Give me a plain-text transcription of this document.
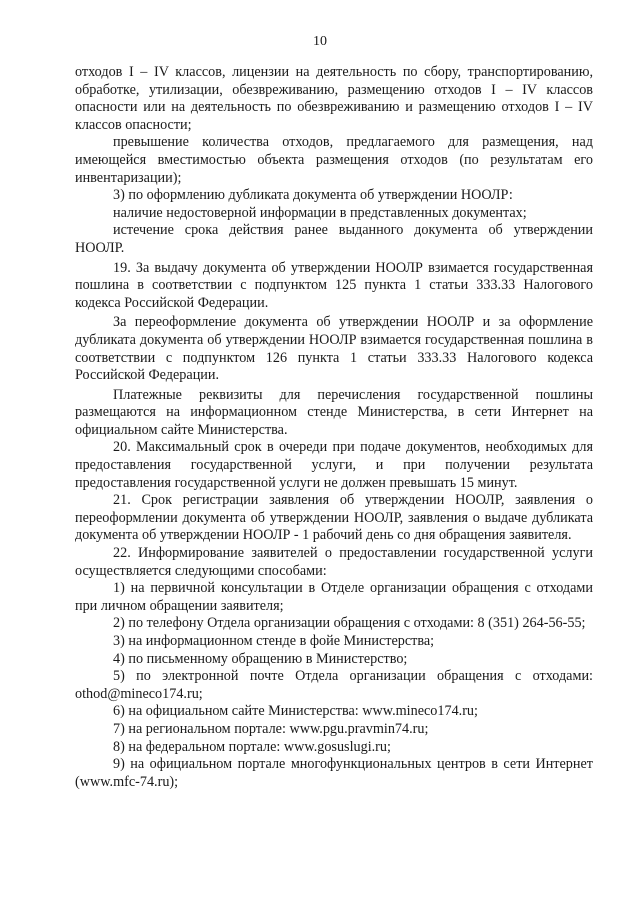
10

отходов I – IV классов, лицензии на деятельность по сбору, транспортированию, обработке, утилизации, обезвреживанию, размещению отходов I – IV классов опасности или на деятельность по обезвреживанию и размещению отходов I – IV классов опасности;

превышение количества отходов, предлагаемого для размещения, над имеющейся вместимостью объекта размещения отходов (по результатам его инвентаризации);

3) по оформлению дубликата документа об утверждении НООЛР:

наличие недостоверной информации в представленных документах;

истечение срока действия ранее выданного документа об утверждении НООЛР.

19. За выдачу документа об утверждении НООЛР взимается государственная пошлина в соответствии с подпунктом 125 пункта 1 статьи 333.33 Налогового кодекса Российской Федерации.

За переоформление документа об утверждении НООЛР и за оформление дубликата документа об утверждении НООЛР взимается государственная пошлина в соответствии с подпунктом 126 пункта 1 статьи 333.33 Налогового кодекса Российской Федерации.

Платежные реквизиты для перечисления государственной пошлины размещаются на информационном стенде Министерства, в сети Интернет на официальном сайте Министерства.

20. Максимальный срок в очереди при подаче документов, необходимых для предоставления государственной услуги, и при получении результата предоставления государственной услуги не должен превышать 15 минут.

21. Срок регистрации заявления об утверждении НООЛР, заявления о переоформлении документа об утверждении НООЛР, заявления о выдаче дубликата документа об утверждении НООЛР - 1 рабочий день со дня обращения заявителя.

22. Информирование заявителей о предоставлении государственной услуги осуществляется следующими способами:

1) на первичной консультации в Отделе организации обращения с отходами при личном обращении заявителя;

2) по телефону Отдела организации обращения с отходами: 8 (351) 264-56-55;

3) на информационном стенде в фойе Министерства;

4) по письменному обращению в Министерство;

5) по электронной почте Отдела организации обращения с отходами: othod@mineco174.ru;

6) на официальном сайте Министерства: www.mineco174.ru;

7) на региональном портале: www.pgu.pravmin74.ru;

8) на федеральном портале: www.gosuslugi.ru;

9) на официальном портале многофункциональных центров в сети Интернет (www.mfc-74.ru);
